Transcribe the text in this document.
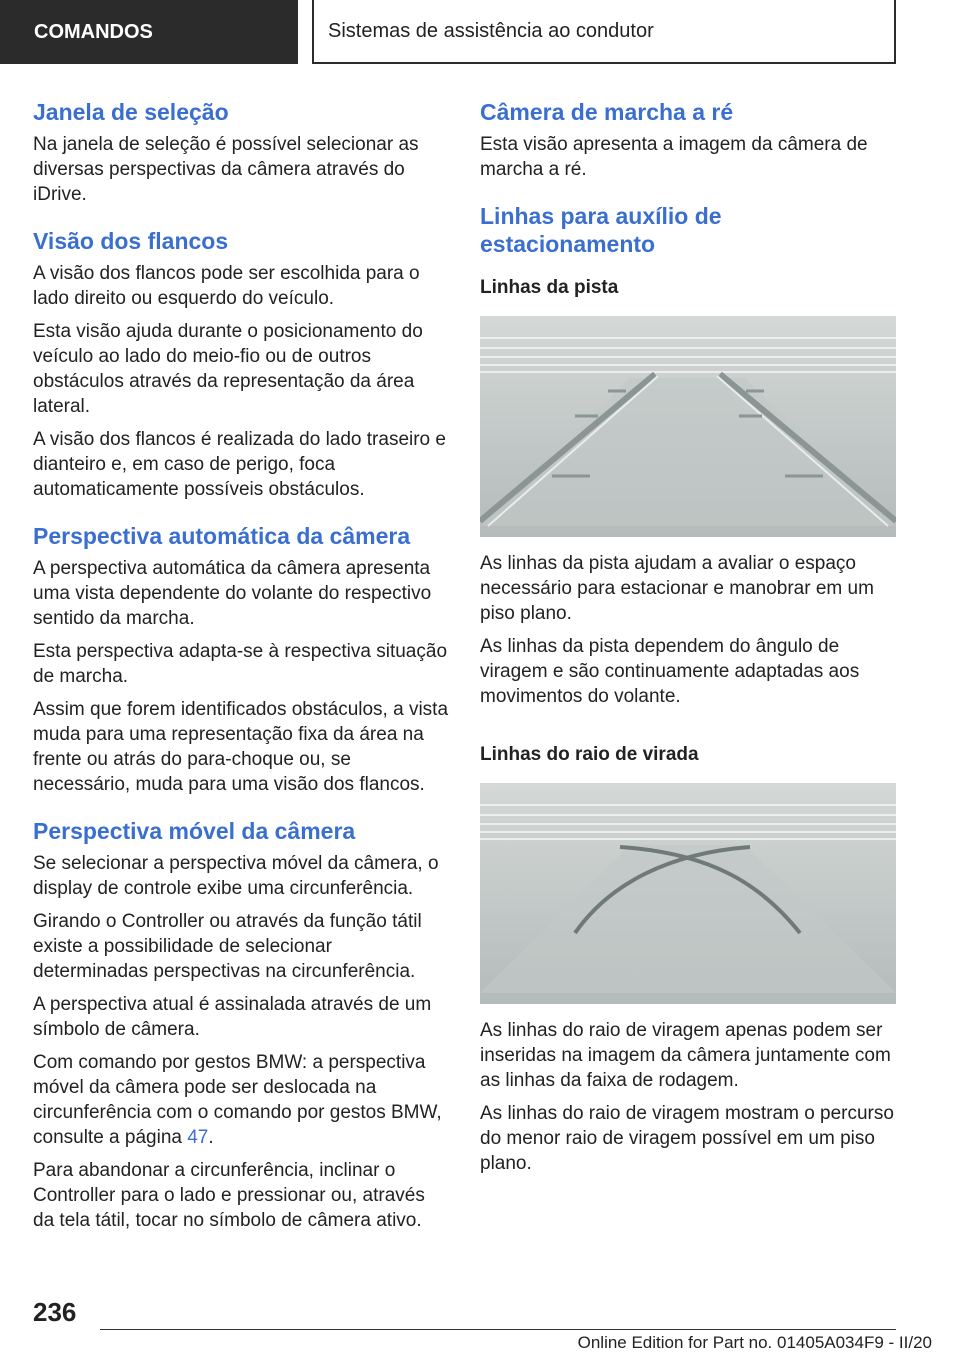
COMANDOS	Sistemas de assistência ao condutor
Janela de seleção

Na janela de seleção é possível selecionar as diversas perspectivas da câmera através do iDrive.

Visão dos flancos

A visão dos flancos pode ser escolhida para o lado direito ou esquerdo do veículo.

Esta visão ajuda durante o posicionamento do veículo ao lado do meio-fio ou de outros obstáculos através da representação da área lateral.

A visão dos flancos é realizada do lado traseiro e dianteiro e, em caso de perigo, foca automaticamente possíveis obstáculos.

Perspectiva automática da câmera

A perspectiva automática da câmera apresenta uma vista dependente do volante do respectivo sentido da marcha.

Esta perspectiva adapta-se à respectiva situação de marcha.

Assim que forem identificados obstáculos, a vista muda para uma representação fixa da área na frente ou atrás do para-choque ou, se necessário, muda para uma visão dos flancos.

Perspectiva móvel da câmera

Se selecionar a perspectiva móvel da câmera, o display de controle exibe uma circunferência.

Girando o Controller ou através da função tátil existe a possibilidade de selecionar determinadas perspectivas na circunferência.

A perspectiva atual é assinalada através de um símbolo de câmera.

Com comando por gestos BMW: a perspectiva móvel da câmera pode ser deslocada na circunferência com o comando por gestos BMW, consulte a página 47.

Para abandonar a circunferência, inclinar o Controller para o lado e pressionar ou, através da tela tátil, tocar no símbolo de câmera ativo.

Câmera de marcha a ré

Esta visão apresenta a imagem da câmera de marcha a ré.

Linhas para auxílio de estacionamento
Linhas da pista

As linhas da pista ajudam a avaliar o espaço necessário para estacionar e manobrar em um piso plano.

As linhas da pista dependem do ângulo de viragem e são continuamente adaptadas aos movimentos do volante.

Linhas do raio de virada

As linhas do raio de viragem apenas podem ser inseridas na imagem da câmera juntamente com as linhas da faixa de rodagem.

As linhas do raio de viragem mostram o percurso do menor raio de viragem possível em um piso plano.

236
Online Edition for Part no. 01405A034F9 - II/20
